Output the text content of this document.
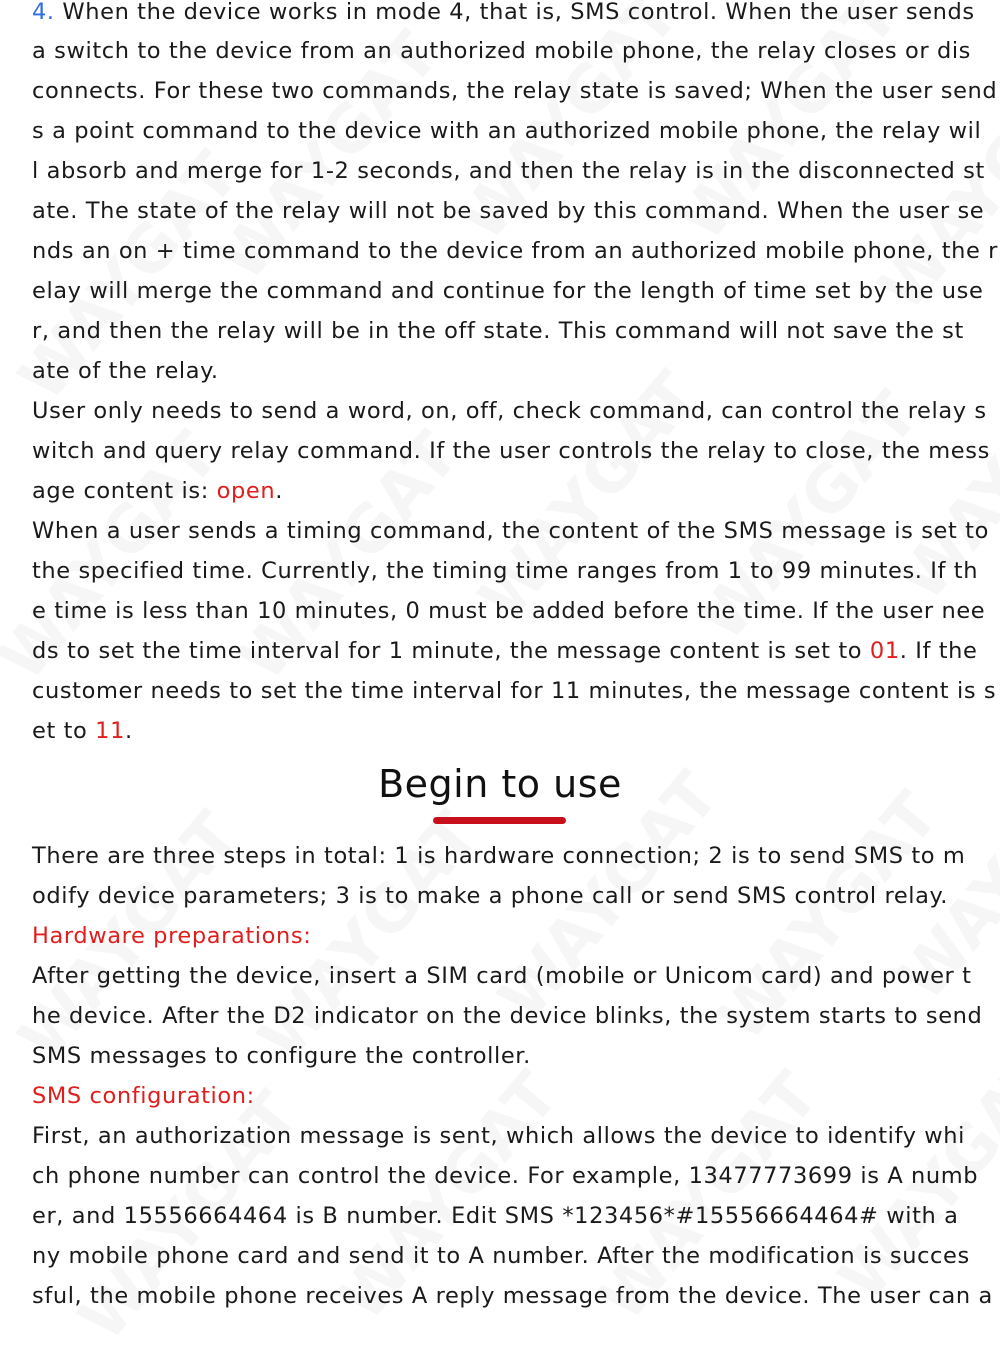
4. When the device works in mode 4, that is, SMS control. When the user sends
a switch to the device from an authorized mobile phone, the relay closes or dis
connects. For these two commands, the relay state is saved; When the user send
s a point command to the device with an authorized mobile phone, the relay wil
l absorb and merge for 1-2 seconds, and then the relay is in the disconnected st
ate. The state of the relay will not be saved by this command. When the user se
nds an on + time command to the device from an authorized mobile phone, the r
elay will merge the command and continue for the length of time set by the use
r, and then the relay will be in the off state. This command will not save the st
ate of the relay.
User only needs to send a word, on, off, check command, can control the relay s
witch and query relay command. If the user controls the relay to close, the mess
age content is: open.
When a user sends a timing command, the content of the SMS message is set to
the specified time. Currently, the timing time ranges from 1 to 99 minutes. If th
e time is less than 10 minutes, 0 must be added before the time. If the user nee
ds to set the time interval for 1 minute, the message content is set to 01. If the
customer needs to set the time interval for 11 minutes, the message content is s
et to 11.
Begin to use
There are three steps in total: 1 is hardware connection; 2 is to send SMS to m
odify device parameters; 3 is to make a phone call or send SMS control relay.
Hardware preparations:
After getting the device, insert a SIM card (mobile or Unicom card) and power t
he device. After the D2 indicator on the device blinks, the system starts to send
SMS messages to configure the controller.
SMS configuration:
First, an authorization message is sent, which allows the device to identify whi
ch phone number can control the device. For example, 13477773699 is A numb
er, and 15556664464 is B number. Edit SMS *123456*#15556664464# with a
ny mobile phone card and send it to A number. After the modification is succes
sful, the mobile phone receives A reply message from the device. The user can a
